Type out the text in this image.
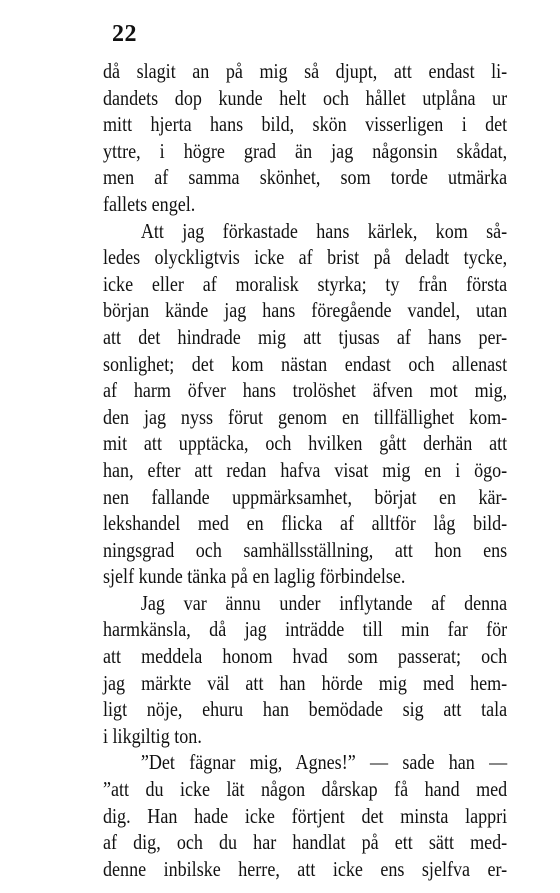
22
då slagit an på mig så djupt, att endast li-
dandets dop kunde helt och hållet utplåna ur
mitt hjerta hans bild, skön visserligen i det
yttre, i högre grad än jag någonsin skådat,
men af samma skönhet, som torde utmärka
fallets engel.
Att jag förkastade hans kärlek, kom så-
ledes olyckligtvis icke af brist på deladt tycke,
icke eller af moralisk styrka; ty från första
början kände jag hans föregående vandel, utan
att det hindrade mig att tjusas af hans per-
sonlighet; det kom nästan endast och allenast
af harm öfver hans trolöshet äfven mot mig,
den jag nyss förut genom en tillfällighet kom-
mit att upptäcka, och hvilken gått derhän att
han, efter att redan hafva visat mig en i ögo-
nen fallande uppmärksamhet, börjat en kär-
lekshandel med en flicka af alltför låg bild-
ningsgrad och samhällsställning, att hon ens
sjelf kunde tänka på en laglig förbindelse.
Jag var ännu under inflytande af denna
harmkänsla, då jag inträdde till min far för
att meddela honom hvad som passerat; och
jag märkte väl att han hörde mig med hem-
ligt nöje, ehuru han bemödade sig att tala
i likgiltig ton.
”Det fägnar mig, Agnes!” — sade han —
”att du icke lät någon dårskap få hand med
dig. Han hade icke förtjent det minsta lappri
af dig, och du har handlat på ett sätt med-
denne inbilske herre, att icke ens sjelfva er-
